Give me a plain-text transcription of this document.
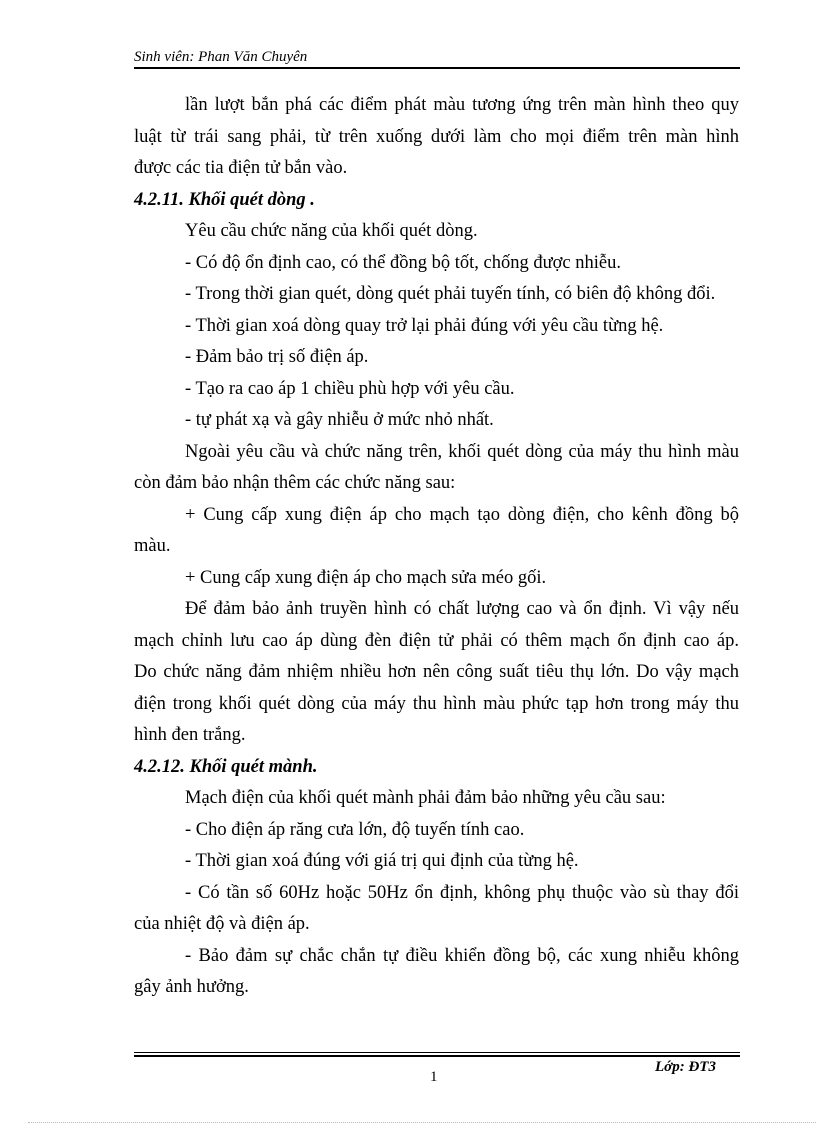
Sinh viên: Phan Văn Chuyên
lần lượt bắn phá các điểm phát màu tương ứng trên màn hình theo quy
luật từ trái sang phải, từ trên xuống dưới làm cho mọi điểm trên màn hình
được các tia điện tử bắn vào.
4.2.11. Khối quét dòng .
Yêu cầu chức năng của khối quét dòng.
- Có độ ổn định cao, có thể đồng bộ tốt, chống được nhiễu.
- Trong thời gian quét, dòng quét phải tuyến tính, có biên độ không đổi.
- Thời gian xoá dòng quay trở lại phải đúng với yêu cầu từng hệ.
- Đảm bảo trị số điện áp.
- Tạo ra cao áp 1 chiều phù hợp với yêu cầu.
- tự phát xạ và gây nhiễu ở mức nhỏ nhất.
Ngoài yêu cầu và chức năng trên, khối quét dòng của máy thu hình màu
còn đảm bảo nhận thêm các chức năng sau:
+ Cung cấp xung điện áp cho mạch tạo dòng điện, cho kênh đồng bộ
màu.
+ Cung cấp xung điện áp cho mạch sửa méo gối.
Để đảm bảo ảnh truyền hình có chất lượng cao và ổn định. Vì vậy nếu
mạch chỉnh lưu cao áp dùng đèn điện tử phải có thêm mạch ổn định cao áp.
Do chức năng đảm nhiệm nhiều hơn nên công suất tiêu thụ lớn. Do vậy mạch
điện trong khối quét dòng của máy thu hình màu phức tạp hơn trong máy thu
hình đen trắng.
4.2.12. Khối quét mành.
Mạch điện của khối quét mành phải đảm bảo những yêu cầu sau:
- Cho điện áp răng cưa lớn, độ tuyến tính cao.
- Thời gian xoá đúng với giá trị qui định của từng hệ.
- Có tần số 60Hz hoặc 50Hz ổn định, không phụ thuộc vào sù thay đổi
của nhiệt độ và điện áp.
- Bảo đảm sự chắc chắn tự điều khiển đồng bộ, các xung nhiễu không
gây ảnh hưởng.
Lớp: ĐT3
1
